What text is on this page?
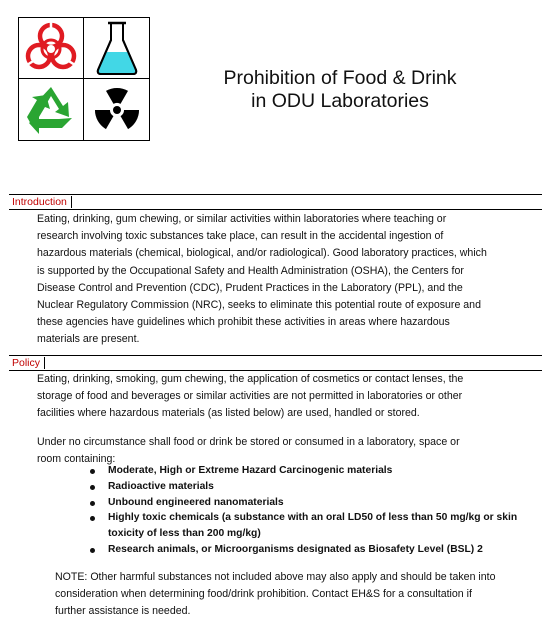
Prohibition of Food & Drink
in ODU Laboratories
Introduction
Eating, drinking, gum chewing, or similar activities within laboratories where teaching or
research involving toxic substances take place, can result in the accidental ingestion of
hazardous materials (chemical, biological, and/or radiological). Good laboratory practices, which
is supported by the Occupational Safety and Health Administration (OSHA), the Centers for
Disease Control and Prevention (CDC), Prudent Practices in the Laboratory (PPL), and the
Nuclear Regulatory Commission (NRC), seeks to eliminate this potential route of exposure and
these agencies have guidelines which prohibit these activities in areas where hazardous
materials are present.
Policy
Eating, drinking, smoking, gum chewing, the application of cosmetics or contact lenses, the
storage of food and beverages or similar activities are not permitted in laboratories or other
facilities where hazardous materials (as listed below) are used, handled or stored.
Under no circumstance shall food or drink be stored or consumed in a laboratory, space or
room containing:
Moderate, High or Extreme Hazard Carcinogenic materials
Radioactive materials
Unbound engineered nanomaterials
Highly toxic chemicals (a substance with an oral LD50 of less than 50 mg/kg or skin toxicity of less than 200 mg/kg)
Research animals, or Microorganisms designated as Biosafety Level (BSL) 2
NOTE: Other harmful substances not included above may also apply and should be taken into
consideration when determining food/drink prohibition. Contact EH&S for a consultation if
further assistance is needed.
